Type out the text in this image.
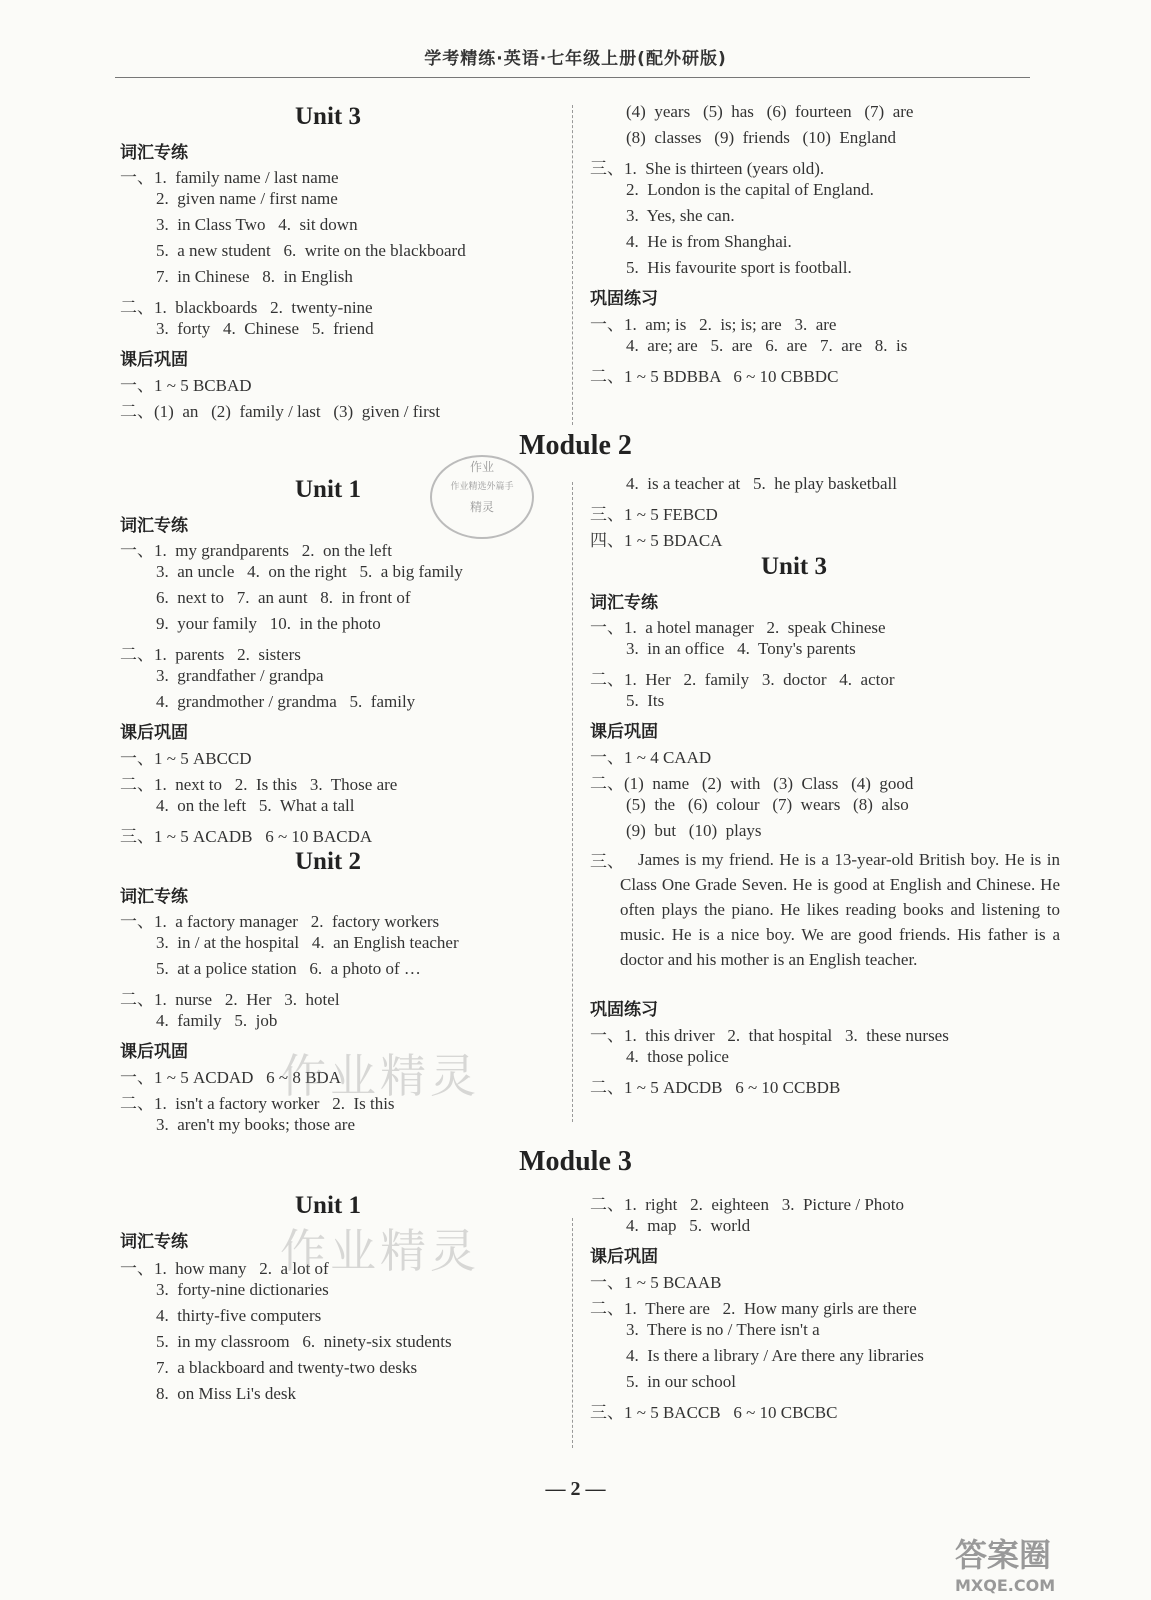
学考精练·英语·七年级上册(配外研版)
Unit 3
词汇专练
一、1.  family name / last name
2.  given name / first name
3.  in Class Two   4.  sit down
5.  a new student   6.  write on the blackboard
7.  in Chinese   8.  in English
二、1.  blackboards   2.  twenty-nine
3.  forty   4.  Chinese   5.  friend
课后巩固
一、1 ~ 5 BCBAD
二、(1)  an   (2)  family / last   (3)  given / first
(4)  years   (5)  has   (6)  fourteen   (7)  are
(8)  classes   (9)  friends   (10)  England
三、1.  She is thirteen (years old).
2.  London is the capital of England.
3.  Yes, she can.
4.  He is from Shanghai.
5.  His favourite sport is football.
巩固练习
一、1.  am; is   2.  is; is; are   3.  are
4.  are; are   5.  are   6.  are   7.  are   8.  is
二、1 ~ 5 BDBBA   6 ~ 10 CBBDC
Module 2
Unit 1
词汇专练
一、1.  my grandparents   2.  on the left
3.  an uncle   4.  on the right   5.  a big family
6.  next to   7.  an aunt   8.  in front of
9.  your family   10.  in the photo
二、1.  parents   2.  sisters
3.  grandfather / grandpa
4.  grandmother / grandma   5.  family
课后巩固
一、1 ~ 5 ABCCD
二、1.  next to   2.  Is this   3.  Those are
4.  on the left   5.  What a tall
三、1 ~ 5 ACADB   6 ~ 10 BACDA
Unit 2
词汇专练
一、1.  a factory manager   2.  factory workers
3.  in / at the hospital   4.  an English teacher
5.  at a police station   6.  a photo of …
二、1.  nurse   2.  Her   3.  hotel
4.  family   5.  job
课后巩固
一、1 ~ 5 ACDAD   6 ~ 8 BDA
二、1.  isn't a factory worker   2.  Is this
3.  aren't my books; those are
4.  is a teacher at   5.  he play basketball
三、1 ~ 5 FEBCD
四、1 ~ 5 BDACA
Unit 3
词汇专练
一、1.  a hotel manager   2.  speak Chinese
3.  in an office   4.  Tony's parents
二、1.  Her   2.  family   3.  doctor   4.  actor
5.  Its
课后巩固
一、1 ~ 4 CAAD
二、(1)  name   (2)  with   (3)  Class   (4)  good
(5)  the   (6)  colour   (7)  wears   (8)  also
(9)  but   (10)  plays
三、 James is my friend. He is a 13-year-old British boy. He is in Class One Grade Seven. He is good at English and Chinese. He often plays the piano. He likes reading books and listening to music. He is a nice boy. We are good friends. His father is a doctor and his mother is an English teacher.
巩固练习
一、1.  this driver   2.  that hospital   3.  these nurses
4.  those police
二、1 ~ 5 ADCDB   6 ~ 10 CCBDB
Module 3
Unit 1
词汇专练
一、1.  how many   2.  a lot of
3.  forty-nine dictionaries
4.  thirty-five computers
5.  in my classroom   6.  ninety-six students
7.  a blackboard and twenty-two desks
8.  on Miss Li's desk
二、1.  right   2.  eighteen   3.  Picture / Photo
4.  map   5.  world
课后巩固
一、1 ~ 5 BCAAB
二、1.  There are   2.  How many girls are there
3.  There is no / There isn't a
4.  Is there a library / Are there any libraries
5.  in our school
三、1 ~ 5 BACCB   6 ~ 10 CBCBC
作业
作业精选外篇手
精灵
作业精灵
作业精灵
— 2 —
答案圈
MXQE.COM
